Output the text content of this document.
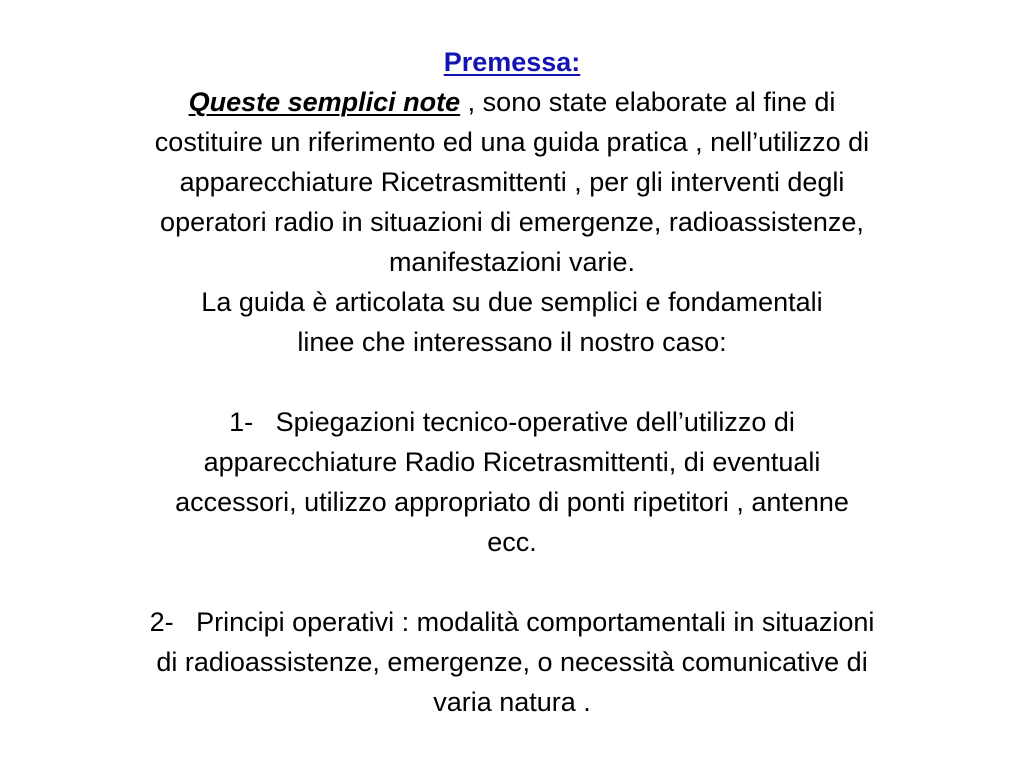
Premessa:
Queste semplici note , sono state elaborate al fine di
costituire un riferimento ed una guida pratica , nell’utilizzo di
apparecchiature Ricetrasmittenti , per gli interventi degli
operatori radio in situazioni di emergenze, radioassistenze,
manifestazioni varie.
La guida è articolata su due semplici e fondamentali
linee che interessano il nostro caso:
1-   Spiegazioni tecnico-operative dell’utilizzo di
apparecchiature Radio Ricetrasmittenti, di eventuali
accessori, utilizzo appropriato di ponti ripetitori , antenne
ecc.
2-   Principi operativi : modalità comportamentali in situazioni
di radioassistenze, emergenze, o necessità comunicative di
varia natura .
